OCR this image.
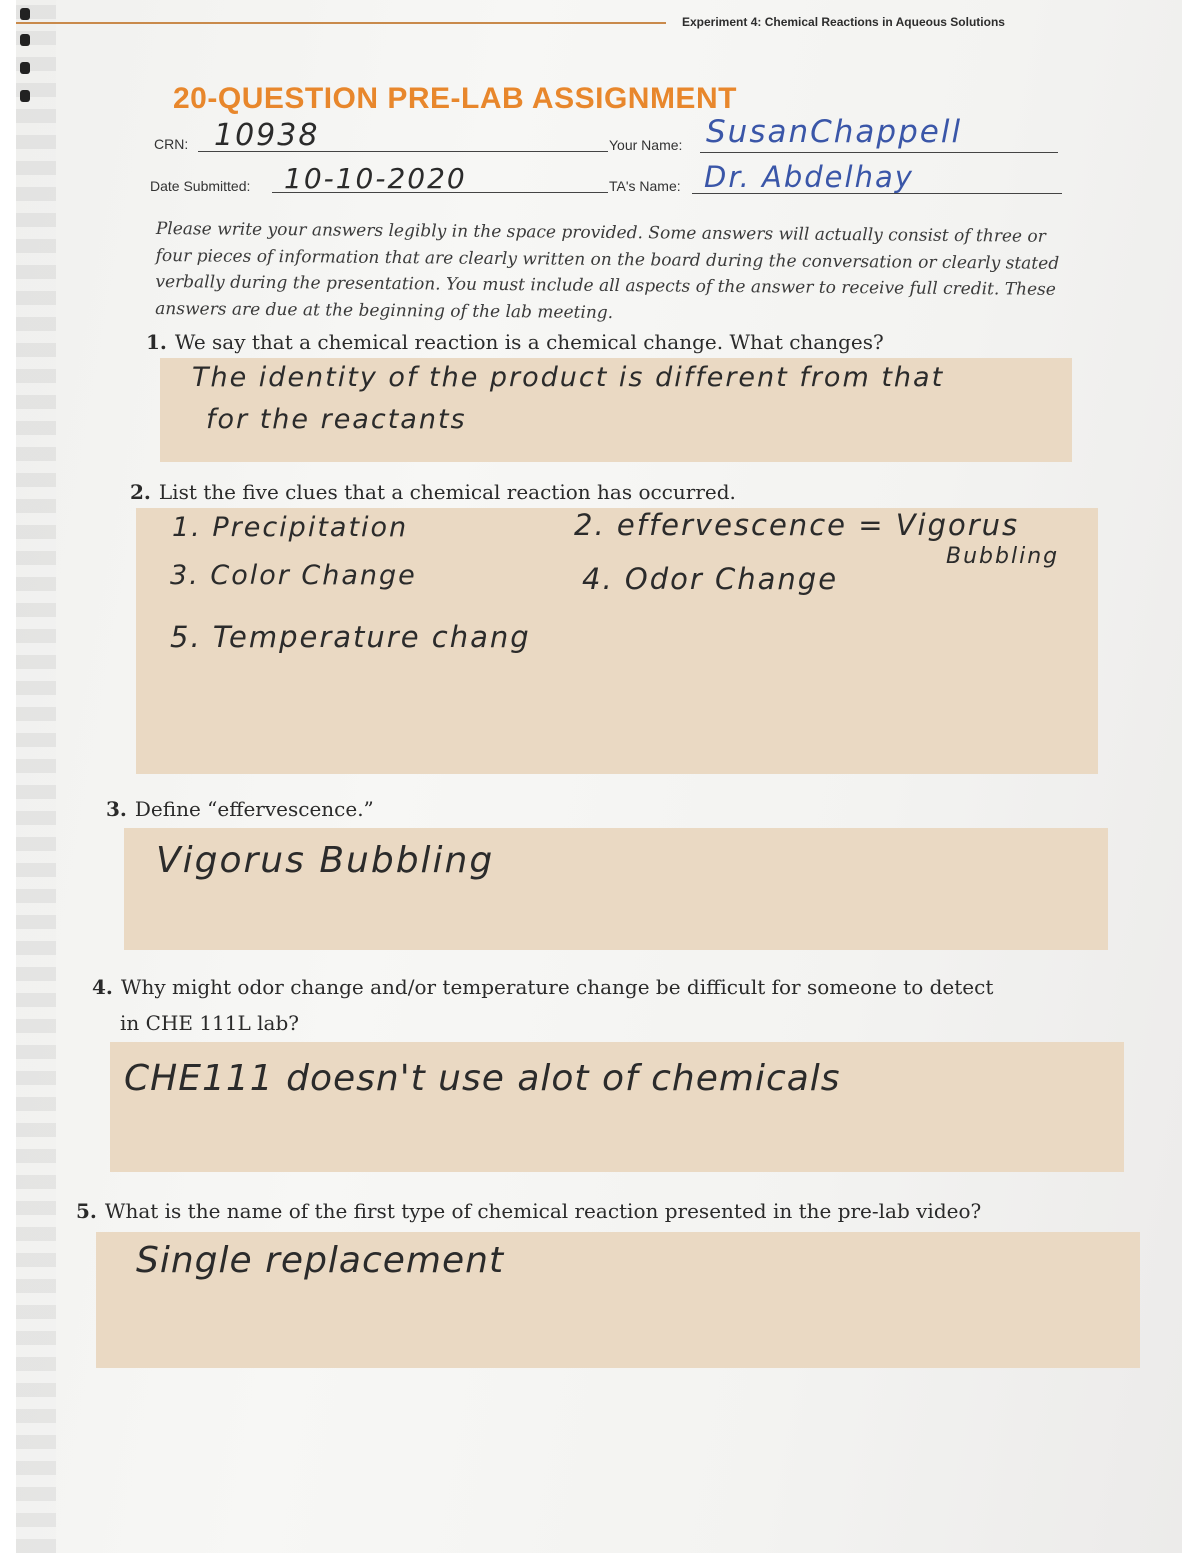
Experiment 4: Chemical Reactions in Aqueous Solutions
20-QUESTION PRE-LAB ASSIGNMENT
CRN: 10938	Your Name: SusanChappell
Date Submitted: 10-10-2020	TA's Name: Dr. Abdelhay
Please write your answers legibly in the space provided. Some answers will actually consist of three or four pieces of information that are clearly written on the board during the conversation or clearly stated verbally during the presentation. You must include all aspects of the answer to receive full credit. These answers are due at the beginning of the lab meeting.
1. We say that a chemical reaction is a chemical change. What changes?
The identity of the product is different from that
for the reactants
2. List the five clues that a chemical reaction has occurred.
1. Precipitation	2. effervescence = Vigorus
Bubbling
3. Color Change	4. Odor Change
5. Temperature chang
3. Define “effervescence.”
Vigorus Bubbling
4. Why might odor change and/or temperature change be difficult for someone to detect
in CHE 111L lab?
CHE111 doesn't use alot of chemicals
5. What is the name of the first type of chemical reaction presented in the pre-lab video?
Single replacement
